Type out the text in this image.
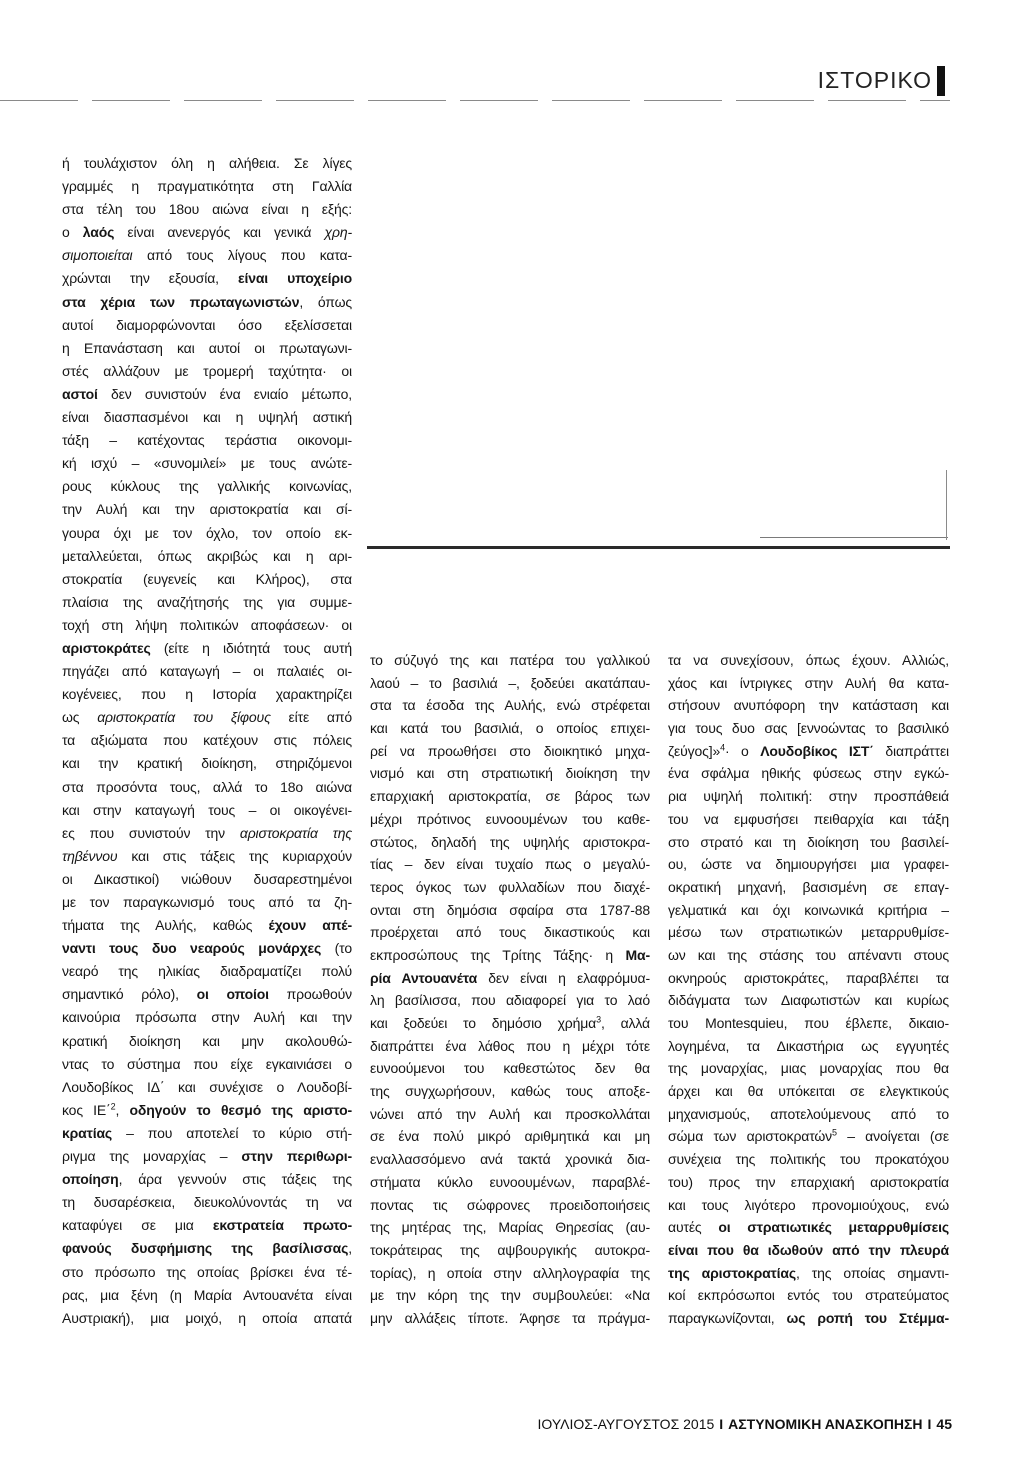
ΙΣΤΟΡΙΚΟ
ή τουλάχιστον όλη η αλήθεια. Σε λίγες
γραμμές η πραγματικότητα στη Γαλλία
στα τέλη του 18ου αιώνα είναι η εξής:
ο λαός είναι ανενεργός και γενικά χρη-
σιμοποιείται από τους λίγους που κατα-
χρώνται την εξουσία, είναι υποχείριο
στα χέρια των πρωταγωνιστών, όπως
αυτοί διαμορφώνονται όσο εξελίσσεται
η Επανάσταση και αυτοί οι πρωταγωνι-
στές αλλάζουν με τρομερή ταχύτητα· οι
αστοί δεν συνιστούν ένα ενιαίο μέτωπο,
είναι διασπασμένοι και η υψηλή αστική
τάξη – κατέχοντας τεράστια οικονομι-
κή ισχύ – «συνομιλεί» με τους ανώτε-
ρους κύκλους της γαλλικής κοινωνίας,
την Αυλή και την αριστοκρατία και σί-
γουρα όχι με τον όχλο, τον οποίο εκ-
μεταλλεύεται, όπως ακριβώς και η αρι-
στοκρατία (ευγενείς και Κλήρος), στα
πλαίσια της αναζήτησής της για συμμε-
τοχή στη λήψη πολιτικών αποφάσεων· οι
αριστοκράτες (είτε η ιδιότητά τους αυτή
πηγάζει από καταγωγή – οι παλαιές οι-
κογένειες, που η Ιστορία χαρακτηρίζει
ως αριστοκρατία του ξίφους είτε από
τα αξιώματα που κατέχουν στις πόλεις
και την κρατική διοίκηση, στηριζόμενοι
στα προσόντα τους, αλλά το 18ο αιώνα
και στην καταγωγή τους – οι οικογένει-
ες που συνιστούν την αριστοκρατία της
τηβέννου και στις τάξεις της κυριαρχούν
οι Δικαστικοί) νιώθουν δυσαρεστημένοι
με τον παραγκωνισμό τους από τα ζη-
τήματα της Αυλής, καθώς έχουν απέ-
ναντι τους δυο νεαρούς μονάρχες (το
νεαρό της ηλικίας διαδραματίζει πολύ
σημαντικό ρόλο), οι οποίοι προωθούν
καινούρια πρόσωπα στην Αυλή και την
κρατική διοίκηση και μην ακολουθώ-
ντας το σύστημα που είχε εγκαινιάσει ο
Λουδοβίκος ΙΔ΄ και συνέχισε ο Λουδοβί-
κος ΙΕ΄$^2$, οδηγούν το θεσμό της αριστο-
κρατίας – που αποτελεί το κύριο στή-
ριγμα της μοναρχίας – στην περιθωρι-
οποίηση, άρα γεννούν στις τάξεις της
τη δυσαρέσκεια, διευκολύνοντάς τη να
καταφύγει σε μια εκστρατεία πρωτο-
φανούς δυσφήμισης της βασίλισσας,
στο πρόσωπο της οποίας βρίσκει ένα τέ-
ρας, μια ξένη (η Μαρία Αντουανέτα είναι
Αυστριακή), μια μοιχό, η οποία απατά
το σύζυγό της και πατέρα του γαλλικού
λαού – το βασιλιά –, ξοδεύει ακατάπαυ-
στα τα έσοδα της Αυλής, ενώ στρέφεται
και κατά του βασιλιά, ο οποίος επιχει-
ρεί να προωθήσει στο διοικητικό μηχα-
νισμό και στη στρατιωτική διοίκηση την
επαρχιακή αριστοκρατία, σε βάρος των
μέχρι πρότινος ευνοουμένων του καθε-
στώτος, δηλαδή της υψηλής αριστοκρα-
τίας – δεν είναι τυχαίο πως ο μεγαλύ-
τερος όγκος των φυλλαδίων που διαχέ-
ονται στη δημόσια σφαίρα στα 1787-88
προέρχεται από τους δικαστικούς και
εκπροσώπους της Τρίτης Τάξης· η Μα-
ρία Αντουανέτα δεν είναι η ελαφρόμυα-
λη βασίλισσα, που αδιαφορεί για το λαό
και ξοδεύει το δημόσιο χρήμα$^3$, αλλά
διαπράττει ένα λάθος που η μέχρι τότε
ευνοούμενοι του καθεστώτος δεν θα
της συγχωρήσουν, καθώς τους αποξε-
νώνει από την Αυλή και προσκολλάται
σε ένα πολύ μικρό αριθμητικά και μη
εναλλασσόμενο ανά τακτά χρονικά δια-
στήματα κύκλο ευνοουμένων, παραβλέ-
ποντας τις σώφρονες προειδοποιήσεις
της μητέρας της, Μαρίας Θηρεσίας (αυ-
τοκράτειρας της αψβουργικής αυτοκρα-
τορίας), η οποία στην αλληλογραφία της
με την κόρη της την συμβουλεύει: «Να
μην αλλάξεις τίποτε. Άφησε τα πράγμα-
τα να συνεχίσουν, όπως έχουν. Αλλιώς,
χάος και ίντριγκες στην Αυλή θα κατα-
στήσουν ανυπόφορη την κατάσταση και
για τους δυο σας [εννοώντας το βασιλικό
ζεύγος]»$^4$· ο Λουδοβίκος ΙΣΤ΄ διαπράττει
ένα σφάλμα ηθικής φύσεως στην εγκώ-
ρια υψηλή πολιτική: στην προσπάθειά
του να εμφυσήσει πειθαρχία και τάξη
στο στρατό και τη διοίκηση του βασιλεί-
ου, ώστε να δημιουργήσει μια γραφει-
οκρατική μηχανή, βασισμένη σε επαγ-
γελματικά και όχι κοινωνικά κριτήρια –
μέσω των στρατιωτικών μεταρρυθμίσε-
ων και της στάσης του απέναντι στους
οκνηρούς αριστοκράτες, παραβλέπει τα
διδάγματα των Διαφωτιστών και κυρίως
του Montesquieu, που έβλεπε, δικαιο-
λογημένα, τα Δικαστήρια ως εγγυητές
της μοναρχίας, μιας μοναρχίας που θα
άρχει και θα υπόκειται σε ελεγκτικούς
μηχανισμούς, αποτελούμενους από το
σώμα των αριστοκρατών$^5$ – ανοίγεται (σε
συνέχεια της πολιτικής του προκατόχου
του) προς την επαρχιακή αριστοκρατία
και τους λιγότερο προνομιούχους, ενώ
αυτές οι στρατιωτικές μεταρρυθμίσεις
είναι που θα ιδωθούν από την πλευρά
της αριστοκρατίας, της οποίας σημαντι-
κοί εκπρόσωποι εντός του στρατεύματος
παραγκωνίζονται, ως ροπή του Στέμμα-
ΙΟΥΛΙΟΣ-ΑΥΓΟΥΣΤΟΣ 2015 I ΑΣΤΥΝΟΜΙΚΗ ΑΝΑΣΚΟΠΗΣΗ I 45
